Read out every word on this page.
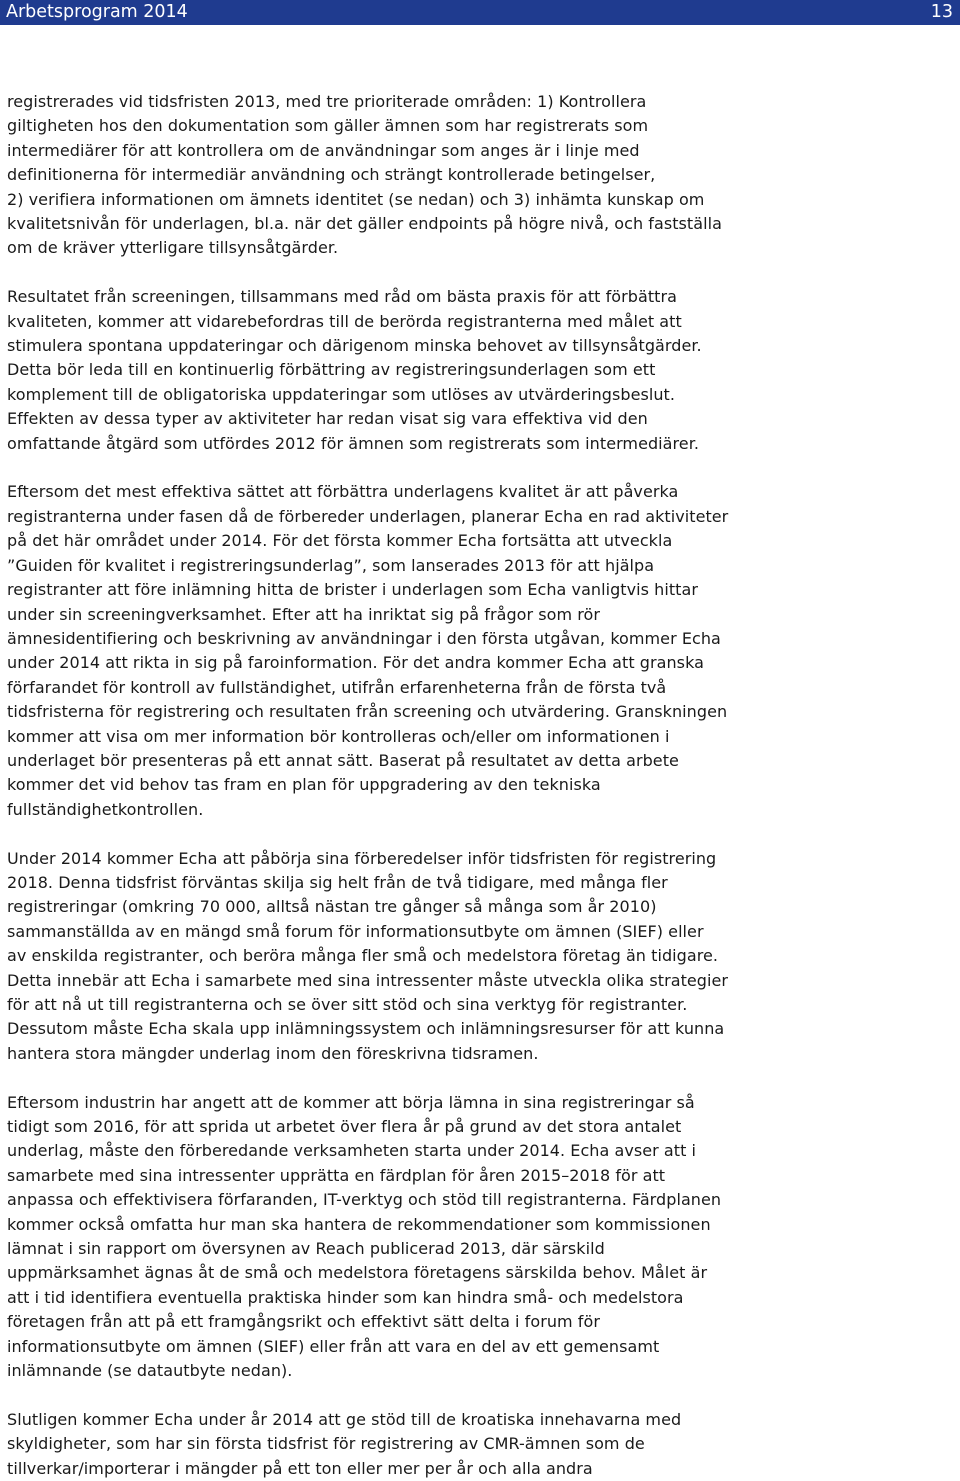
Arbetsprogram 2014	13

registrerades vid tidsfristen 2013, med tre prioriterade områden: 1) Kontrollera
giltigheten hos den dokumentation som gäller ämnen som har registrerats som
intermediärer för att kontrollera om de användningar som anges är i linje med
definitionerna för intermediär användning och strängt kontrollerade betingelser,
2) verifiera informationen om ämnets identitet (se nedan) och 3) inhämta kunskap om
kvalitetsnivån för underlagen, bl.a. när det gäller endpoints på högre nivå, och fastställa
om de kräver ytterligare tillsynsåtgärder.

Resultatet från screeningen, tillsammans med råd om bästa praxis för att förbättra
kvaliteten, kommer att vidarebefordras till de berörda registranterna med målet att
stimulera spontana uppdateringar och därigenom minska behovet av tillsynsåtgärder.
Detta bör leda till en kontinuerlig förbättring av registreringsunderlagen som ett
komplement till de obligatoriska uppdateringar som utlöses av utvärderingsbeslut.
Effekten av dessa typer av aktiviteter har redan visat sig vara effektiva vid den
omfattande åtgärd som utfördes 2012 för ämnen som registrerats som intermediärer.

Eftersom det mest effektiva sättet att förbättra underlagens kvalitet är att påverka
registranterna under fasen då de förbereder underlagen, planerar Echa en rad aktiviteter
på det här området under 2014. För det första kommer Echa fortsätta att utveckla
”Guiden för kvalitet i registreringsunderlag”, som lanserades 2013 för att hjälpa
registranter att före inlämning hitta de brister i underlagen som Echa vanligtvis hittar
under sin screeningverksamhet. Efter att ha inriktat sig på frågor som rör
ämnesidentifiering och beskrivning av användningar i den första utgåvan, kommer Echa
under 2014 att rikta in sig på faroinformation. För det andra kommer Echa att granska
förfarandet för kontroll av fullständighet, utifrån erfarenheterna från de första två
tidsfristerna för registrering och resultaten från screening och utvärdering. Granskningen
kommer att visa om mer information bör kontrolleras och/eller om informationen i
underlaget bör presenteras på ett annat sätt. Baserat på resultatet av detta arbete
kommer det vid behov tas fram en plan för uppgradering av den tekniska
fullständighetkontrollen.

Under 2014 kommer Echa att påbörja sina förberedelser inför tidsfristen för registrering
2018. Denna tidsfrist förväntas skilja sig helt från de två tidigare, med många fler
registreringar (omkring 70 000, alltså nästan tre gånger så många som år 2010)
sammanställda av en mängd små forum för informationsutbyte om ämnen (SIEF) eller
av enskilda registranter, och beröra många fler små och medelstora företag än tidigare.
Detta innebär att Echa i samarbete med sina intressenter måste utveckla olika strategier
för att nå ut till registranterna och se över sitt stöd och sina verktyg för registranter.
Dessutom måste Echa skala upp inlämningssystem och inlämningsresurser för att kunna
hantera stora mängder underlag inom den föreskrivna tidsramen.

Eftersom industrin har angett att de kommer att börja lämna in sina registreringar så
tidigt som 2016, för att sprida ut arbetet över flera år på grund av det stora antalet
underlag, måste den förberedande verksamheten starta under 2014. Echa avser att i
samarbete med sina intressenter upprätta en färdplan för åren 2015–2018 för att
anpassa och effektivisera förfaranden, IT-verktyg och stöd till registranterna. Färdplanen
kommer också omfatta hur man ska hantera de rekommendationer som kommissionen
lämnat i sin rapport om översynen av Reach publicerad 2013, där särskild
uppmärksamhet ägnas åt de små och medelstora företagens särskilda behov. Målet är
att i tid identifiera eventuella praktiska hinder som kan hindra små- och medelstora
företagen från att på ett framgångsrikt och effektivt sätt delta i forum för
informationsutbyte om ämnen (SIEF) eller från att vara en del av ett gemensamt
inlämnande (se datautbyte nedan).

Slutligen kommer Echa under år 2014 att ge stöd till de kroatiska innehavarna med
skyldigheter, som har sin första tidsfrist för registrering av CMR-ämnen som de
tillverkar/importerar i mängder på ett ton eller mer per år och alla andra
